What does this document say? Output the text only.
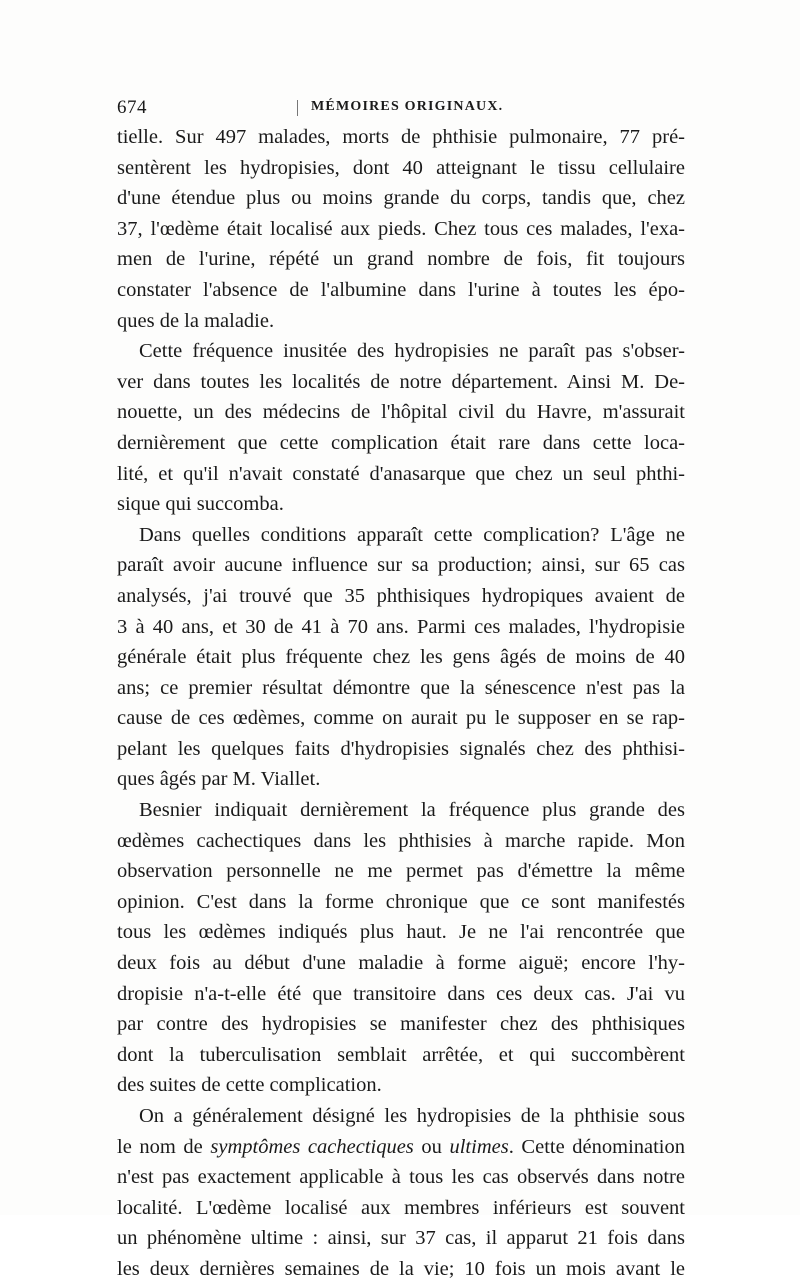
674	MÉMOIRES ORIGINAUX.
tielle. Sur 497 malades, morts de phthisie pulmonaire, 77 pré-
sentèrent les hydropisies, dont 40 atteignant le tissu cellulaire
d'une étendue plus ou moins grande du corps, tandis que, chez
37, l'œdème était localisé aux pieds. Chez tous ces malades, l'exa-
men de l'urine, répété un grand nombre de fois, fit toujours
constater l'absence de l'albumine dans l'urine à toutes les épo-
ques de la maladie.
Cette fréquence inusitée des hydropisies ne paraît pas s'obser-
ver dans toutes les localités de notre département. Ainsi M. De-
nouette, un des médecins de l'hôpital civil du Havre, m'assurait
dernièrement que cette complication était rare dans cette loca-
lité, et qu'il n'avait constaté d'anasarque que chez un seul phthi-
sique qui succomba.
Dans quelles conditions apparaît cette complication? L'âge ne
paraît avoir aucune influence sur sa production; ainsi, sur 65 cas
analysés, j'ai trouvé que 35 phthisiques hydropiques avaient de
3 à 40 ans, et 30 de 41 à 70 ans. Parmi ces malades, l'hydropisie
générale était plus fréquente chez les gens âgés de moins de 40
ans; ce premier résultat démontre que la sénescence n'est pas la
cause de ces œdèmes, comme on aurait pu le supposer en se rap-
pelant les quelques faits d'hydropisies signalés chez des phthisi-
ques âgés par M. Viallet.
Besnier indiquait dernièrement la fréquence plus grande des
œdèmes cachectiques dans les phthisies à marche rapide. Mon
observation personnelle ne me permet pas d'émettre la même
opinion. C'est dans la forme chronique que ce sont manifestés
tous les œdèmes indiqués plus haut. Je ne l'ai rencontrée que
deux fois au début d'une maladie à forme aiguë; encore l'hy-
dropisie n'a-t-elle été que transitoire dans ces deux cas. J'ai vu
par contre des hydropisies se manifester chez des phthisiques
dont la tuberculisation semblait arrêtée, et qui succombèrent
des suites de cette complication.
On a généralement désigné les hydropisies de la phthisie sous
le nom de symptômes cachectiques ou ultimes. Cette dénomination
n'est pas exactement applicable à tous les cas observés dans notre
localité. L'œdème localisé aux membres inférieurs est souvent
un phénomène ultime : ainsi, sur 37 cas, il apparut 21 fois dans
les deux dernières semaines de la vie; 10 fois un mois avant le
